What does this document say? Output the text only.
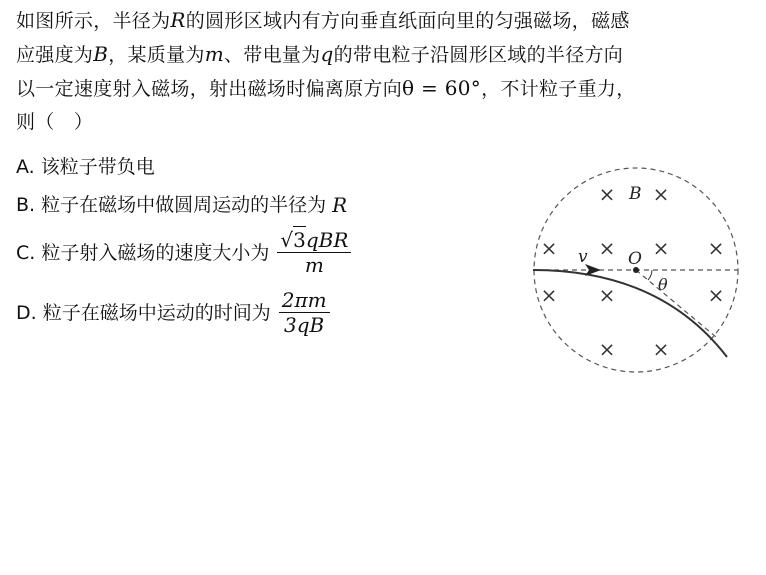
如图所示，半径为R的圆形区域内有方向垂直纸面向里的匀强磁场，磁感
应强度为B，某质量为m、带电量为q的带电粒子沿圆形区域的半径方向
以一定速度射入磁场，射出磁场时偏离原方向θ = 60°，不计粒子重力，
则（　）
A.
该粒子带负电
B.
粒子在磁场中做圆周运动的半径为 R
C.
粒子射入磁场的速度大小为 $\frac{\text{√3qBR}}{m}$
D.
粒子在磁场中运动的时间为 $\frac{2\pi m}{3qB}$
× ×
× × × ×
× ×	×
× ×
B
O
v
θ
